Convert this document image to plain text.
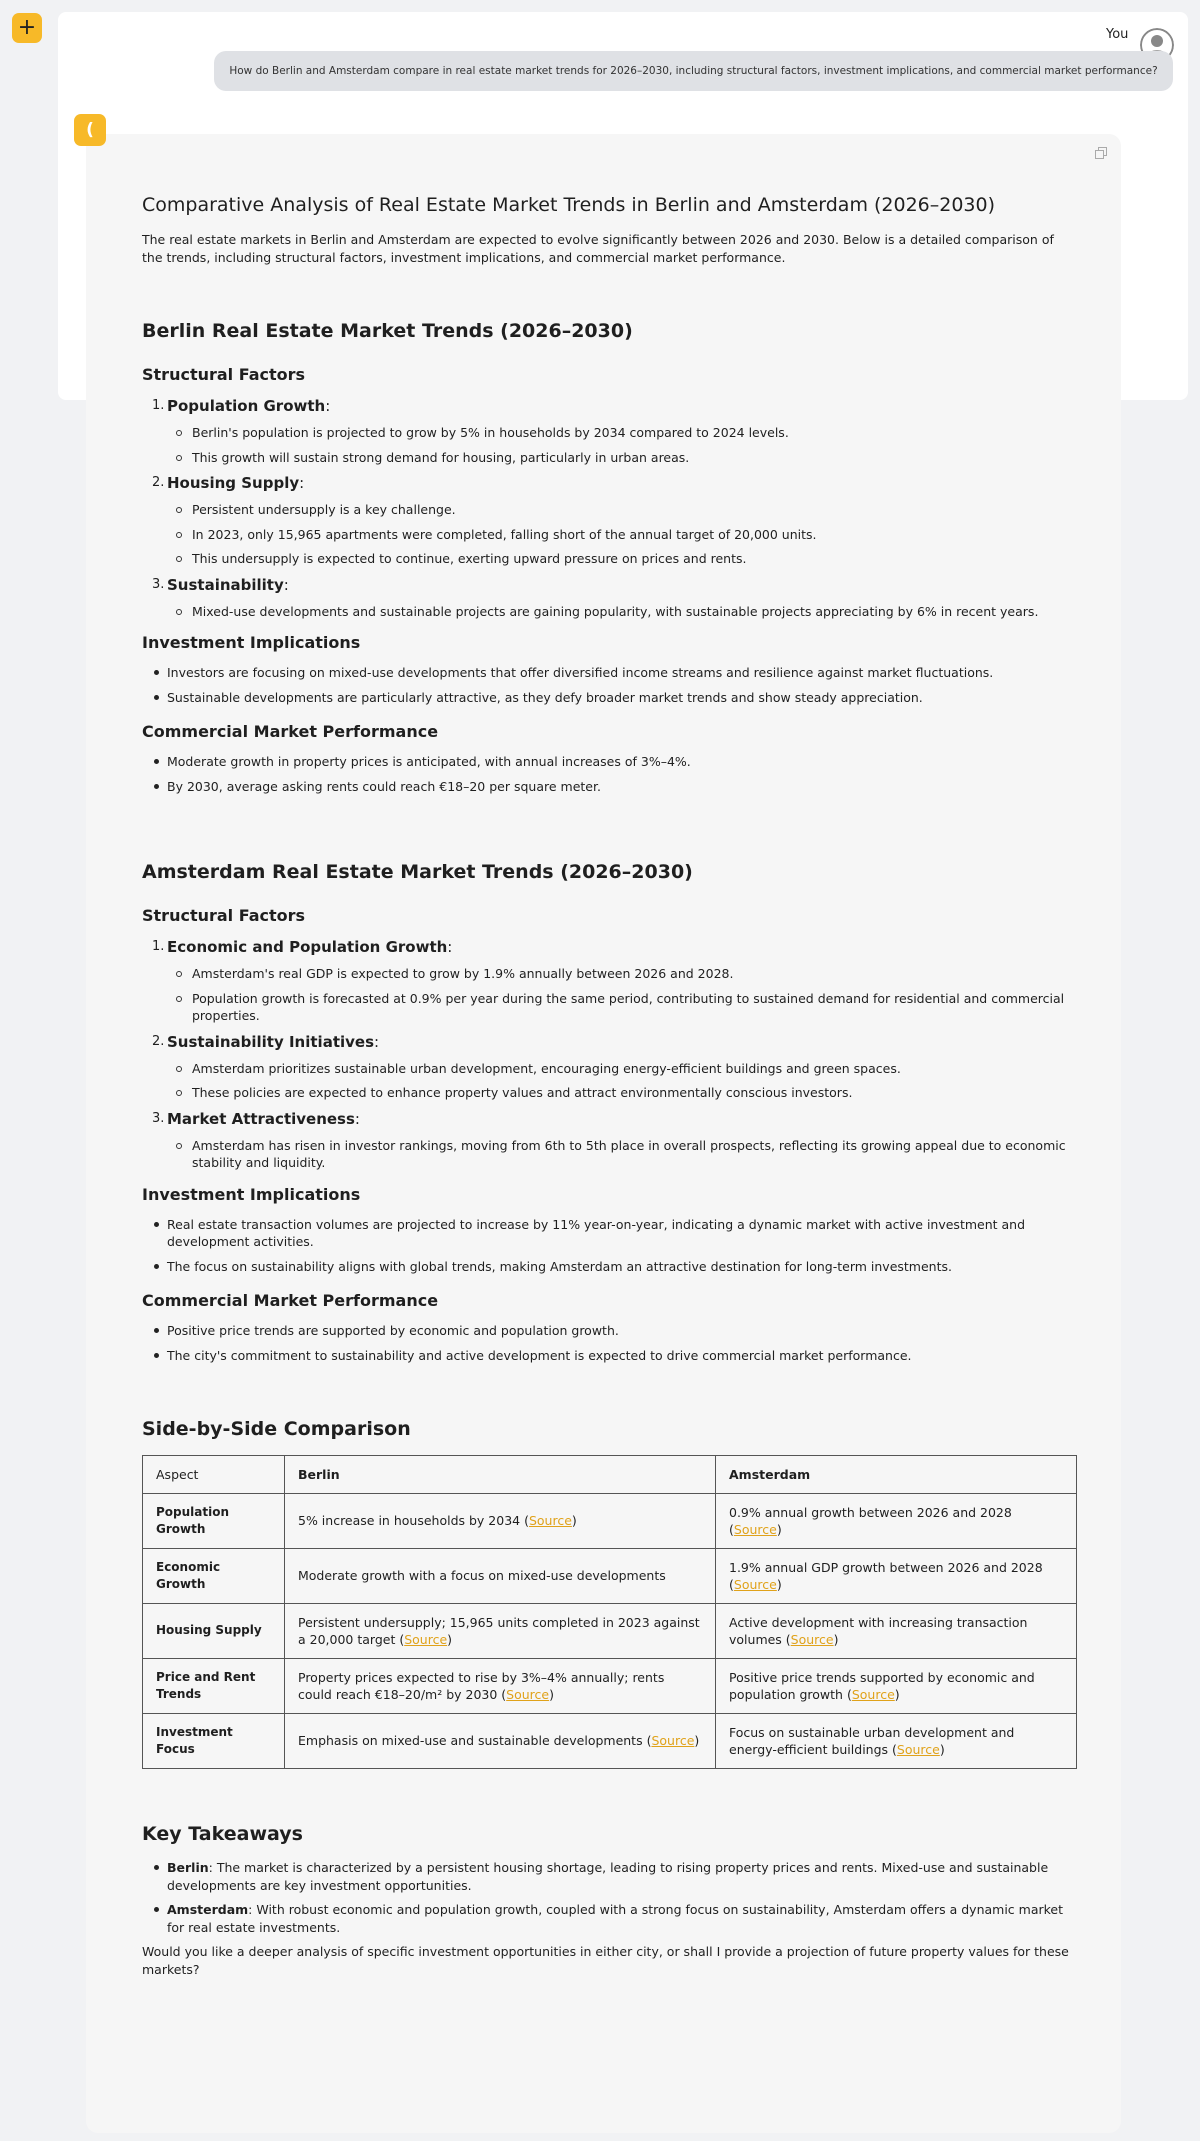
+	You
How do Berlin and Amsterdam compare in real estate market trends for 2026–2030, including structural factors, investment implications, and commercial market performance?
Comparative Analysis of Real Estate Market Trends in Berlin and Amsterdam (2026–2030)

The real estate markets in Berlin and Amsterdam are expected to evolve significantly between 2026 and 2030. Below is a detailed comparison of the trends, including structural factors, investment implications, and commercial market performance.

Berlin Real Estate Market Trends (2026–2030)
Structural Factors
1. Population Growth:
Berlin's population is projected to grow by 5% in households by 2034 compared to 2024 levels.
This growth will sustain strong demand for housing, particularly in urban areas.
2. Housing Supply:
Persistent undersupply is a key challenge.
In 2023, only 15,965 apartments were completed, falling short of the annual target of 20,000 units.
This undersupply is expected to continue, exerting upward pressure on prices and rents.
3. Sustainability:
Mixed-use developments and sustainable projects are gaining popularity, with sustainable projects appreciating by 6% in recent years.
Investment Implications
Investors are focusing on mixed-use developments that offer diversified income streams and resilience against market fluctuations.
Sustainable developments are particularly attractive, as they defy broader market trends and show steady appreciation.
Commercial Market Performance
Moderate growth in property prices is anticipated, with annual increases of 3%–4%.
By 2030, average asking rents could reach €18–20 per square meter.
Amsterdam Real Estate Market Trends (2026–2030)
Structural Factors
1. Economic and Population Growth:
Amsterdam's real GDP is expected to grow by 1.9% annually between 2026 and 2028.
Population growth is forecasted at 0.9% per year during the same period, contributing to sustained demand for residential and commercial properties.
2. Sustainability Initiatives:
Amsterdam prioritizes sustainable urban development, encouraging energy-efficient buildings and green spaces.
These policies are expected to enhance property values and attract environmentally conscious investors.
3. Market Attractiveness:
Amsterdam has risen in investor rankings, moving from 6th to 5th place in overall prospects, reflecting its growing appeal due to economic stability and liquidity.
Investment Implications
Real estate transaction volumes are projected to increase by 11% year-on-year, indicating a dynamic market with active investment and development activities.
The focus on sustainability aligns with global trends, making Amsterdam an attractive destination for long-term investments.
Commercial Market Performance
Positive price trends are supported by economic and population growth.
The city's commitment to sustainability and active development is expected to drive commercial market performance.
Side-by-Side Comparison
Aspect	Berlin	Amsterdam
Population Growth	5% increase in households by 2034 (Source)	0.9% annual growth between 2026 and 2028 (Source)
Economic Growth	Moderate growth with a focus on mixed-use developments	1.9% annual GDP growth between 2026 and 2028 (Source)
Housing Supply	Persistent undersupply; 15,965 units completed in 2023 against a 20,000 target (Source)	Active development with increasing transaction volumes (Source)
Price and Rent Trends	Property prices expected to rise by 3%–4% annually; rents could reach €18–20/m² by 2030 (Source)	Positive price trends supported by economic and population growth (Source)
Investment Focus	Emphasis on mixed-use and sustainable developments (Source)	Focus on sustainable urban development and energy-efficient buildings (Source)
Key Takeaways
Berlin: The market is characterized by a persistent housing shortage, leading to rising property prices and rents. Mixed-use and sustainable developments are key investment opportunities.
Amsterdam: With robust economic and population growth, coupled with a strong focus on sustainability, Amsterdam offers a dynamic market for real estate investments.

Would you like a deeper analysis of specific investment opportunities in either city, or shall I provide a projection of future property values for these markets?

(
